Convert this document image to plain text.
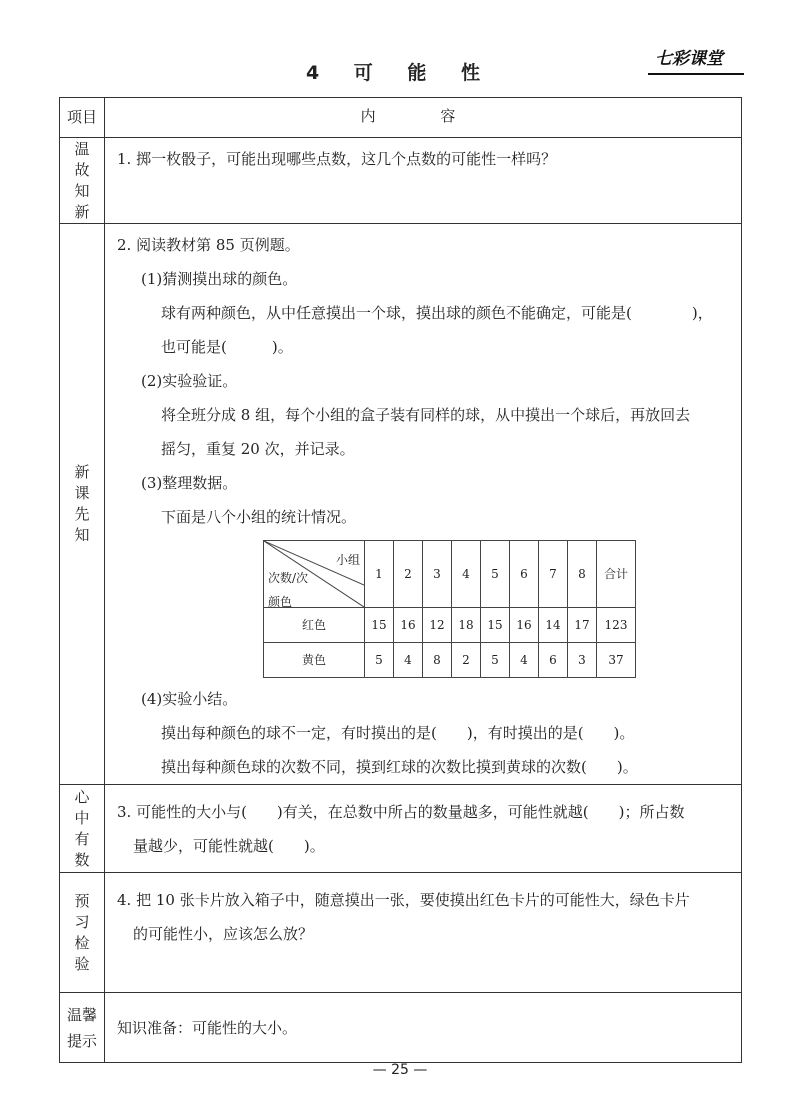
4 可 能 性
七彩课堂
项目	内 容
温故知新	
1. 掷一枚骰子，可能出现哪些点数，这几个点数的可能性一样吗？

新课先知	
2. 阅读教材第 85 页例题。
(1)猜测摸出球的颜色。
球有两种颜色，从中任意摸出一个球，摸出球的颜色不能确定，可能是(　　　　)，
也可能是(　　　)。
(2)实验验证。
将全班分成 8 组，每个小组的盒子装有同样的球，从中摸出一个球后，再放回去
摇匀，重复 20 次，并记录。
(3)整理数据。
下面是八个小组的统计情况。
小组
次数/次
颜色
	1	2	3	4	5	6	7	8	合计
红色	15	16	12	18	15	16	14	17	123
黄色	5	4	8	2	5	4	6	3	37
(4)实验小结。
摸出每种颜色的球不一定，有时摸出的是(　　)，有时摸出的是(　　)。
摸出每种颜色球的次数不同，摸到红球的次数比摸到黄球的次数(　　)。

心中有数	
3. 可能性的大小与(　　)有关，在总数中所占的数量越多，可能性就越(　　)；所占数
量越少，可能性就越(　　)。

预习检验	
4. 把 10 张卡片放入箱子中，随意摸出一张，要使摸出红色卡片的可能性大，绿色卡片
的可能性小，应该怎么放？

温馨
提示

知识准备：可能性的大小。
— 25 —
